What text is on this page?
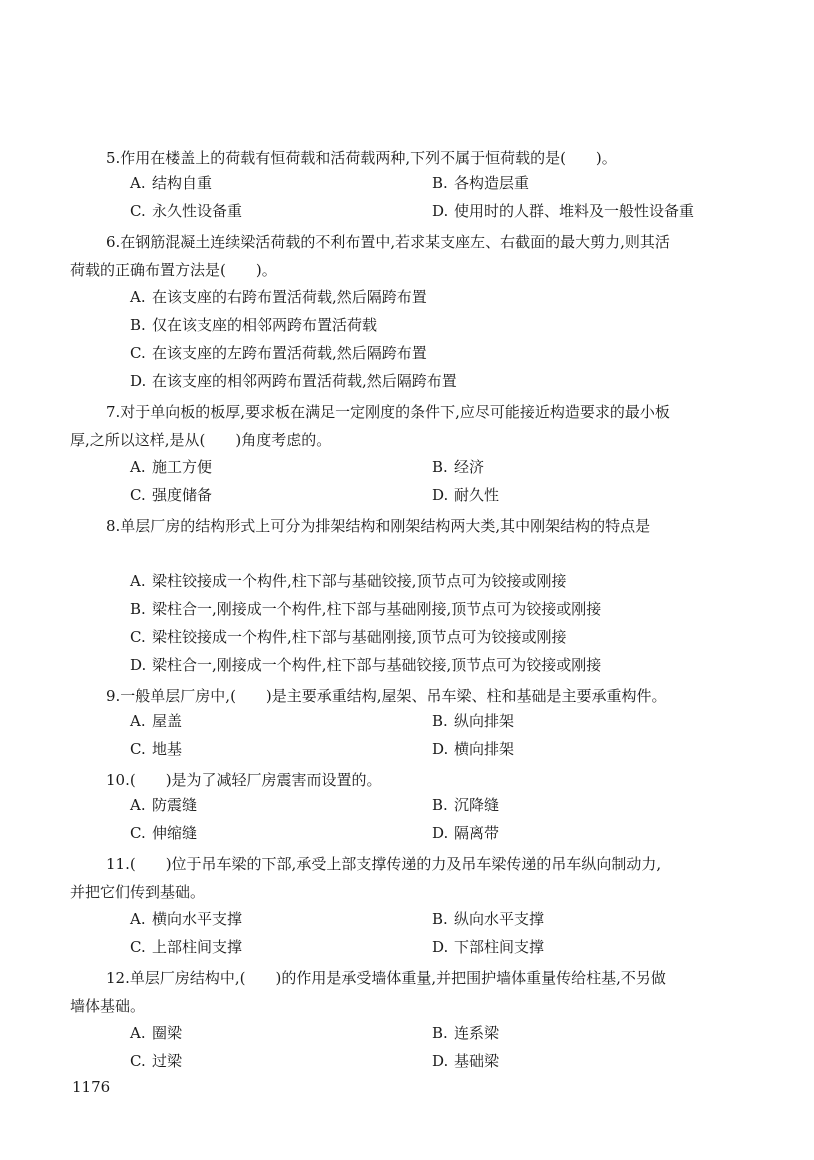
5.作用在楼盖上的荷载有恒荷载和活荷载两种,下列不属于恒荷载的是(　　)。
A. 结构自重	B. 各构造层重
C. 永久性设备重	D. 使用时的人群、堆料及一般性设备重
6.在钢筋混凝土连续梁活荷载的不利布置中,若求某支座左、右截面的最大剪力,则其活
荷载的正确布置方法是(　　)。
A. 在该支座的右跨布置活荷载,然后隔跨布置
B. 仅在该支座的相邻两跨布置活荷载
C. 在该支座的左跨布置活荷载,然后隔跨布置
D. 在该支座的相邻两跨布置活荷载,然后隔跨布置
7.对于单向板的板厚,要求板在满足一定刚度的条件下,应尽可能接近构造要求的最小板
厚,之所以这样,是从(　　)角度考虑的。
A. 施工方便	B. 经济
C. 强度储备	D. 耐久性
8.单层厂房的结构形式上可分为排架结构和刚架结构两大类,其中刚架结构的特点是
A. 梁柱铰接成一个构件,柱下部与基础铰接,顶节点可为铰接或刚接
B. 梁柱合一,刚接成一个构件,柱下部与基础刚接,顶节点可为铰接或刚接
C. 梁柱铰接成一个构件,柱下部与基础刚接,顶节点可为铰接或刚接
D. 梁柱合一,刚接成一个构件,柱下部与基础铰接,顶节点可为铰接或刚接
9.一般单层厂房中,(　　)是主要承重结构,屋架、吊车梁、柱和基础是主要承重构件。
A. 屋盖	B. 纵向排架
C. 地基	D. 横向排架
10.(　　)是为了减轻厂房震害而设置的。
A. 防震缝	B. 沉降缝
C. 伸缩缝	D. 隔离带
11.(　　)位于吊车梁的下部,承受上部支撑传递的力及吊车梁传递的吊车纵向制动力,
并把它们传到基础。
A. 横向水平支撑	B. 纵向水平支撑
C. 上部柱间支撑	D. 下部柱间支撑
12.单层厂房结构中,(　　)的作用是承受墙体重量,并把围护墙体重量传给柱基,不另做
墙体基础。
A. 圈梁	B. 连系梁
C. 过梁	D. 基础梁
1176
